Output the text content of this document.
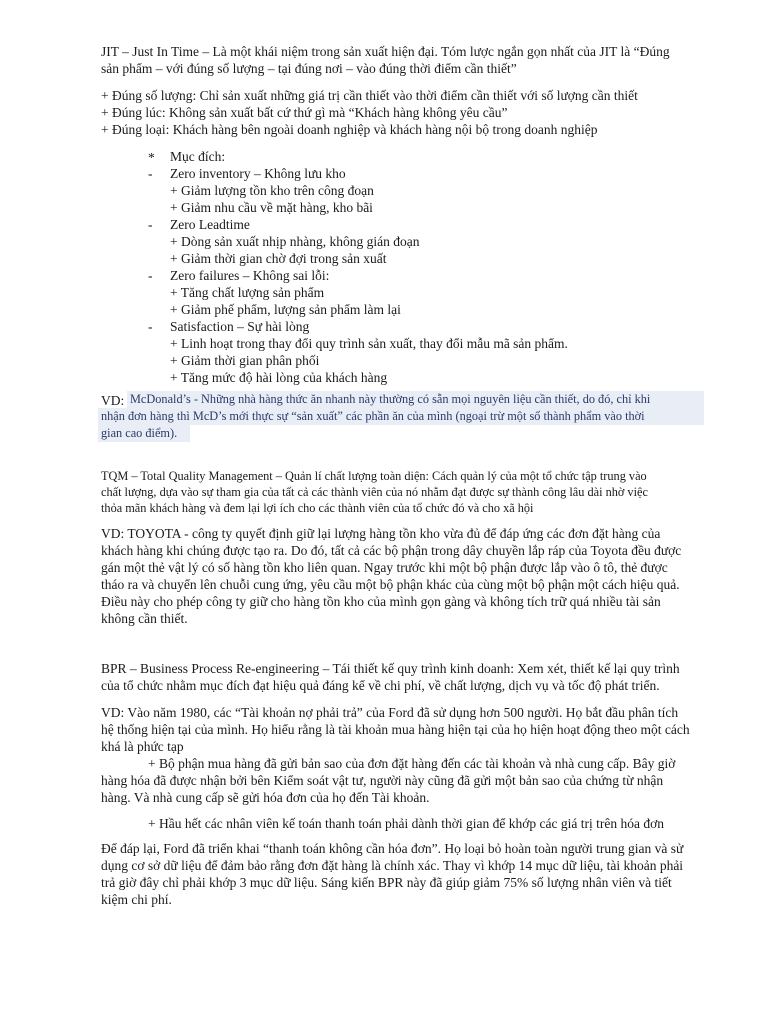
JIT – Just In Time – Là một khái niệm trong sản xuất hiện đại. Tóm lược ngắn gọn nhất của JIT là “Đúng
sản phẩm – với đúng số lượng – tại đúng nơi – vào đúng thời điểm cần thiết”
+ Đúng số lượng: Chỉ sản xuất những giá trị cần thiết vào thời điểm cần thiết với số lượng cần thiết
+ Đúng lúc: Không sản xuất bất cứ thứ gì mà “Khách hàng không yêu cầu”
+ Đúng loại: Khách hàng bên ngoài doanh nghiệp và khách hàng nội bộ trong doanh nghiệp
* Mục đích:
- Zero inventory – Không lưu kho
+ Giảm lượng tồn kho trên công đoạn
+ Giảm nhu cầu về mặt hàng, kho bãi
- Zero Leadtime
+ Dòng sản xuất nhịp nhàng, không gián đoạn
+ Giảm thời gian chờ đợi trong sản xuất
- Zero failures – Không sai lỗi:
+ Tăng chất lượng sản phẩm
+ Giảm phế phẩm, lượng sản phẩm làm lại
- Satisfaction – Sự hài lòng
+ Linh hoạt trong thay đổi quy trình sản xuất, thay đổi mẫu mã sản phẩm.
+ Giảm thời gian phân phối
+ Tăng mức độ hài lòng của khách hàng
VD: McDonald’s - Những nhà hàng thức ăn nhanh này thường có sẵn mọi nguyên liệu cần thiết, do đó, chỉ khi
nhận đơn hàng thì McD’s mới thực sự “sản xuất” các phần ăn của mình (ngoại trừ một số thành phẩm vào thời
gian cao điểm).
TQM – Total Quality Management – Quản lí chất lượng toàn diện: Cách quản lý của một tổ chức tập trung vào
chất lượng, dựa vào sự tham gia của tất cả các thành viên của nó nhằm đạt được sự thành công lâu dài nhờ việc
thỏa mãn khách hàng và đem lại lợi ích cho các thành viên của tổ chức đó và cho xã hội
VD: TOYOTA - công ty quyết định giữ lại lượng hàng tồn kho vừa đủ để đáp ứng các đơn đặt hàng của
khách hàng khi chúng được tạo ra. Do đó, tất cả các bộ phận trong dây chuyền lắp ráp của Toyota đều được
gán một thẻ vật lý có số hàng tồn kho liên quan. Ngay trước khi một bộ phận được lắp vào ô tô, thẻ được
tháo ra và chuyển lên chuỗi cung ứng, yêu cầu một bộ phận khác của cùng một bộ phận một cách hiệu quả.
Điều này cho phép công ty giữ cho hàng tồn kho của mình gọn gàng và không tích trữ quá nhiều tài sản
không cần thiết.
BPR – Business Process Re-engineering – Tái thiết kế quy trình kinh doanh: Xem xét, thiết kế lại quy trình
của tổ chức nhằm mục đích đạt hiệu quả đáng kể về chi phí, về chất lượng, dịch vụ và tốc độ phát triển.
VD: Vào năm 1980, các “Tài khoản nợ phải trả” của Ford đã sử dụng hơn 500 người. Họ bắt đầu phân tích
hệ thống hiện tại của mình. Họ hiểu rằng là tài khoản mua hàng hiện tại của họ hiện hoạt động theo một cách
khá là phức tạp
+ Bộ phận mua hàng đã gửi bản sao của đơn đặt hàng đến các tài khoản và nhà cung cấp. Bây giờ
hàng hóa đã được nhận bởi bên Kiểm soát vật tư, người này cũng đã gửi một bản sao của chứng từ nhận
hàng. Và nhà cung cấp sẽ gửi hóa đơn của họ đến Tài khoản.
+ Hầu hết các nhân viên kế toán thanh toán phải dành thời gian để khớp các giá trị trên hóa đơn
Để đáp lại, Ford đã triển khai “thanh toán không cần hóa đơn”. Họ loại bỏ hoàn toàn người trung gian và sử
dụng cơ sở dữ liệu để đảm bảo rằng đơn đặt hàng là chính xác. Thay vì khớp 14 mục dữ liệu, tài khoản phải
trả giờ đây chỉ phải khớp 3 mục dữ liệu. Sáng kiến BPR này đã giúp giảm 75% số lượng nhân viên và tiết
kiệm chi phí.
